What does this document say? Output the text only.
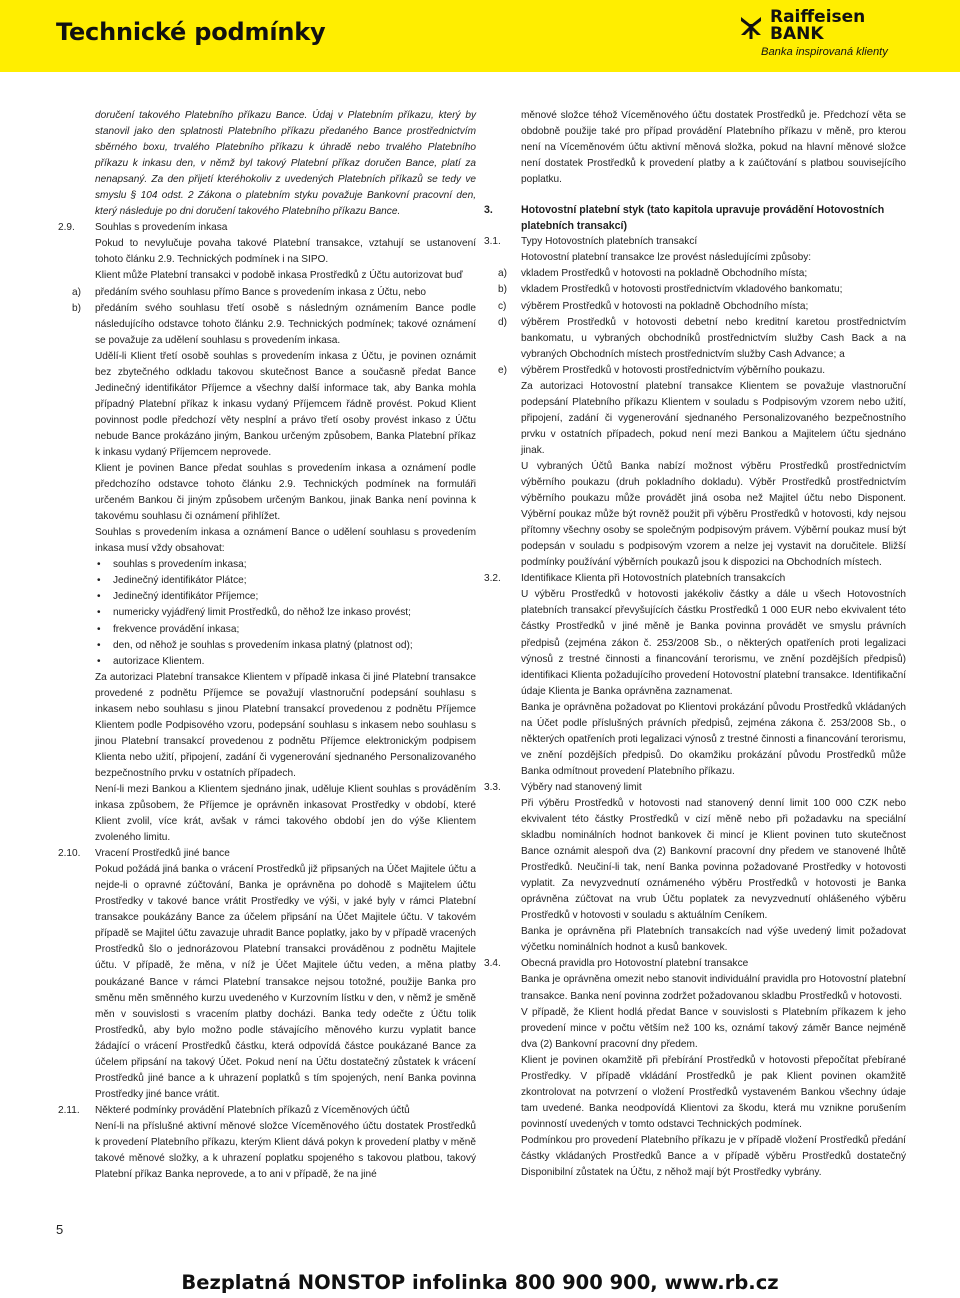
Technické podmínky
Raiffeisen
BANK
Banka inspirovaná klienty
doručení takového Platebního příkazu Bance. Údaj v Platebním příkazu, který by stanovil jako den splatnosti Platebního příkazu předaného Bance prostřednictvím sběrného boxu, trvalého Platebního příkazu k úhradě nebo trvalého Platebního příkazu k inkasu den, v němž byl takový Platební příkaz doručen Bance, platí za nenapsaný. Za den přijetí kteréhokoliv z uvedených Platebních příkazů se tedy ve smyslu § 104 odst. 2 Zákona o platebním styku považuje Bankovní pracovní den, který následuje po dni doručení takového Platebního příkazu Bance.
2.9. Souhlas s provedením inkasa
Pokud to nevylučuje povaha takové Platební transakce, vztahují se ustanovení tohoto článku 2.9. Technických podmínek i na SIPO.
Klient může Platební transakci v podobě inkasa Prostředků z Účtu autorizovat buď
a) předáním svého souhlasu přímo Bance s provedením inkasa z Účtu, nebo
b) předáním svého souhlasu třetí osobě s následným oznámením Bance podle následujícího odstavce tohoto článku 2.9. Technických podmínek; takové oznámení se považuje za udělení souhlasu s provedením inkasa.
Udělí-li Klient třetí osobě souhlas s provedením inkasa z Účtu, je povinen oznámit bez zbytečného odkladu takovou skutečnost Bance a současně předat Bance Jedinečný identifikátor Příjemce a všechny další informace tak, aby Banka mohla případný Platební příkaz k inkasu vydaný Příjemcem řádně provést. Pokud Klient povinnost podle předchozí věty nesplní a právo třetí osoby provést inkaso z Účtu nebude Bance prokázáno jiným, Bankou určeným způsobem, Banka Platební příkaz k inkasu vydaný Příjemcem neprovede.
Klient je povinen Bance předat souhlas s provedením inkasa a oznámení podle předchozího odstavce tohoto článku 2.9. Technických podmínek na formuláři určeném Bankou či jiným způsobem určeným Bankou, jinak Banka není povinna k takovému souhlasu či oznámení přihlížet.
Souhlas s provedením inkasa a oznámení Bance o udělení souhlasu s provedením inkasa musí vždy obsahovat:
• souhlas s provedením inkasa;
• Jedinečný identifikátor Plátce;
• Jedinečný identifikátor Příjemce;
• numericky vyjádřený limit Prostředků, do něhož lze inkaso provést;
• frekvence provádění inkasa;
• den, od něhož je souhlas s provedením inkasa platný (platnost od);
• autorizace Klientem.
Za autorizaci Platební transakce Klientem v případě inkasa či jiné Platební transakce provedené z podnětu Příjemce se považují vlastnoruční podepsání souhlasu s inkasem nebo souhlasu s jinou Platební transakcí provedenou z podnětu Příjemce Klientem podle Podpisového vzoru, podepsání souhlasu s inkasem nebo souhlasu s jinou Platební transakcí provedenou z podnětu Příjemce elektronickým podpisem Klienta nebo užití, připojení, zadání či vygenerování sjednaného Personalizovaného bezpečnostního prvku v ostatních případech.
Není-li mezi Bankou a Klientem sjednáno jinak, uděluje Klient souhlas s prováděním inkasa způsobem, že Příjemce je oprávněn inkasovat Prostředky v období, které Klient zvolil, více krát, avšak v rámci takového období jen do výše Klientem zvoleného limitu.
2.10. Vracení Prostředků jiné bance
Pokud požádá jiná banka o vrácení Prostředků již připsaných na Účet Majitele účtu a nejde-li o opravné zúčtování, Banka je oprávněna po dohodě s Majitelem účtu Prostředky v takové bance vrátit Prostředky ve výši, v jaké byly v rámci Platební transakce poukázány Bance za účelem připsání na Účet Majitele účtu. V takovém případě se Majitel účtu zavazuje uhradit Bance poplatky, jako by v případě vracených Prostředků šlo o jednorázovou Platební transakci prováděnou z podnětu Majitele účtu. V případě, že měna, v níž je Účet Majitele účtu veden, a měna platby poukázané Bance v rámci Platební transakce nejsou totožné, použije Banka pro směnu měn směnného kurzu uvedeného v Kurzovním lístku v den, v němž je směně měn v souvislosti s vracením platby docházi. Banka tedy odečte z Účtu tolik Prostředků, aby bylo možno podle stávajícího měnového kurzu vyplatit bance žádající o vrácení Prostředků částku, která odpovídá částce poukázané Bance za účelem připsání na takový Účet. Pokud není na Účtu dostatečný zůstatek k vrácení Prostředků jiné bance a k uhrazení poplatků s tím spojených, není Banka povinna Prostředky jiné bance vrátit.
2.11. Některé podmínky provádění Platebních příkazů z Víceměnových účtů
Není-li na příslušné aktivní měnové složce Víceměnového účtu dostatek Prostředků k provedení Platebního příkazu, kterým Klient dává pokyn k provedení platby v měně takové měnové složky, a k uhrazení poplatku spojeného s takovou platbou, takový Platební příkaz Banka neprovede, a to ani v případě, že na jiné
měnové složce téhož Víceměnového účtu dostatek Prostředků je. Předchozí věta se obdobně použije také pro případ provádění Platebního příkazu v měně, pro kterou není na Víceměnovém účtu aktivní měnová složka, pokud na hlavní měnové složce není dostatek Prostředků k provedení platby a k zaúčtování s platbou souvisejícího poplatku.
3.	Hotovostní platební styk (tato kapitola upravuje provádění Hotovostních platebních transakcí)
3.1. Typy Hotovostních platebních transakcí
Hotovostní platební transakce lze provést následujícími způsoby:
a) vkladem Prostředků v hotovosti na pokladně Obchodního místa;
b) vkladem Prostředků v hotovosti prostřednictvím vkladového bankomatu;
c) výběrem Prostředků v hotovosti na pokladně Obchodního místa;
d) výběrem Prostředků v hotovosti debetní nebo kreditní karetou prostřednictvím bankomatu, u vybraných obchodníků prostřednictvím služby Cash Back a na vybraných Obchodních místech prostřednictvím služby Cash Advance; a
e) výběrem Prostředků v hotovosti prostřednictvím výběrního poukazu.
Za autorizaci Hotovostní platební transakce Klientem se považuje vlastnoruční podepsání Platebního příkazu Klientem v souladu s Podpisovým vzorem nebo užití, připojení, zadání či vygenerování sjednaného Personalizovaného bezpečnostního prvku v ostatních případech, pokud není mezi Bankou a Majitelem účtu sjednáno jinak.
U vybraných Účtů Banka nabízí možnost výběru Prostředků prostřednictvím výběrního poukazu (druh pokladního dokladu). Výběr Prostředků prostřednictvím výběrního poukazu může provádět jiná osoba než Majitel účtu nebo Disponent. Výběrní poukaz může být rovněž použit při výběru Prostředků v hotovosti, kdy nejsou přítomny všechny osoby se společným podpisovým právem. Výběrní poukaz musí být podepsán v souladu s podpisovým vzorem a nelze jej vystavit na doručitele. Bližší podmínky používání výběrních poukazů jsou k dispozici na Obchodních místech.
3.2. Identifikace Klienta při Hotovostních platebních transakcích
U výběru Prostředků v hotovosti jakékoliv částky a dále u všech Hotovostních platebních transakcí převyšujících částku Prostředků 1 000 EUR nebo ekvivalent této částky Prostředků v jiné měně je Banka povinna provádět ve smyslu právních předpisů (zejména zákon č. 253/2008 Sb., o některých opatřeních proti legalizaci výnosů z trestné činnosti a financování terorismu, ve znění pozdějších předpisů) identifikaci Klienta požadujícího provedení Hotovostní platební transakce. Identifikační údaje Klienta je Banka oprávněna zaznamenat.
Banka je oprávněna požadovat po Klientovi prokázání původu Prostředků vkládaných na Účet podle příslušných právních předpisů, zejména zákona č. 253/2008 Sb., o některých opatřeních proti legalizaci výnosů z trestné činnosti a financování terorismu, ve znění pozdějších předpisů. Do okamžiku prokázání původu Prostředků může Banka odmítnout provedení Platebního příkazu.
3.3. Výběry nad stanovený limit
Při výběru Prostředků v hotovosti nad stanovený denní limit 100 000 CZK nebo ekvivalent této částky Prostředků v cizí měně nebo při požadavku na speciální skladbu nominálních hodnot bankovek či mincí je Klient povinen tuto skutečnost Bance oznámit alespoň dva (2) Bankovní pracovní dny předem ve stanovené lhůtě Prostředků. Neučiní-li tak, není Banka povinna požadované Prostředky v hotovosti vyplatit. Za nevyzvednutí oznámeného výběru Prostředků v hotovosti je Banka oprávněna zúčtovat na vrub Účtu poplatek za nevyzvednutí ohlášeného výběru Prostředků v hotovosti v souladu s aktuálním Ceníkem.
Banka je oprávněna při Platebních transakcích nad výše uvedený limit požadovat výčetku nominálních hodnot a kusů bankovek.
3.4. Obecná pravidla pro Hotovostní platební transakce
Banka je oprávněna omezit nebo stanovit individuální pravidla pro Hotovostní platební transakce. Banka není povinna zodržet požadovanou skladbu Prostředků v hotovosti.
V případě, že Klient hodlá předat Bance v souvislosti s Platebním příkazem k jeho provedení mince v počtu větším než 100 ks, oznámí takový záměr Bance nejméně dva (2) Bankovní pracovní dny předem.
Klient je povinen okamžitě při přebírání Prostředků v hotovosti přepočítat přebírané Prostředky. V případě vkládání Prostředků je pak Klient povinen okamžitě zkontrolovat na potvrzení o vložení Prostředků vystaveném Bankou všechny údaje tam uvedené. Banka neodpovídá Klientovi za škodu, která mu vznikne porušením povinností uvedených v tomto odstavci Technických podmínek.
Podmínkou pro provedení Platebního příkazu je v případě vložení Prostředků předání částky vkládaných Prostředků Bance a v případě výběru Prostředků dostatečný Disponibilní zůstatek na Účtu, z něhož mají být Prostředky vybrány.
5
Bezplatná NONSTOP infolinka 800 900 900, www.rb.cz
